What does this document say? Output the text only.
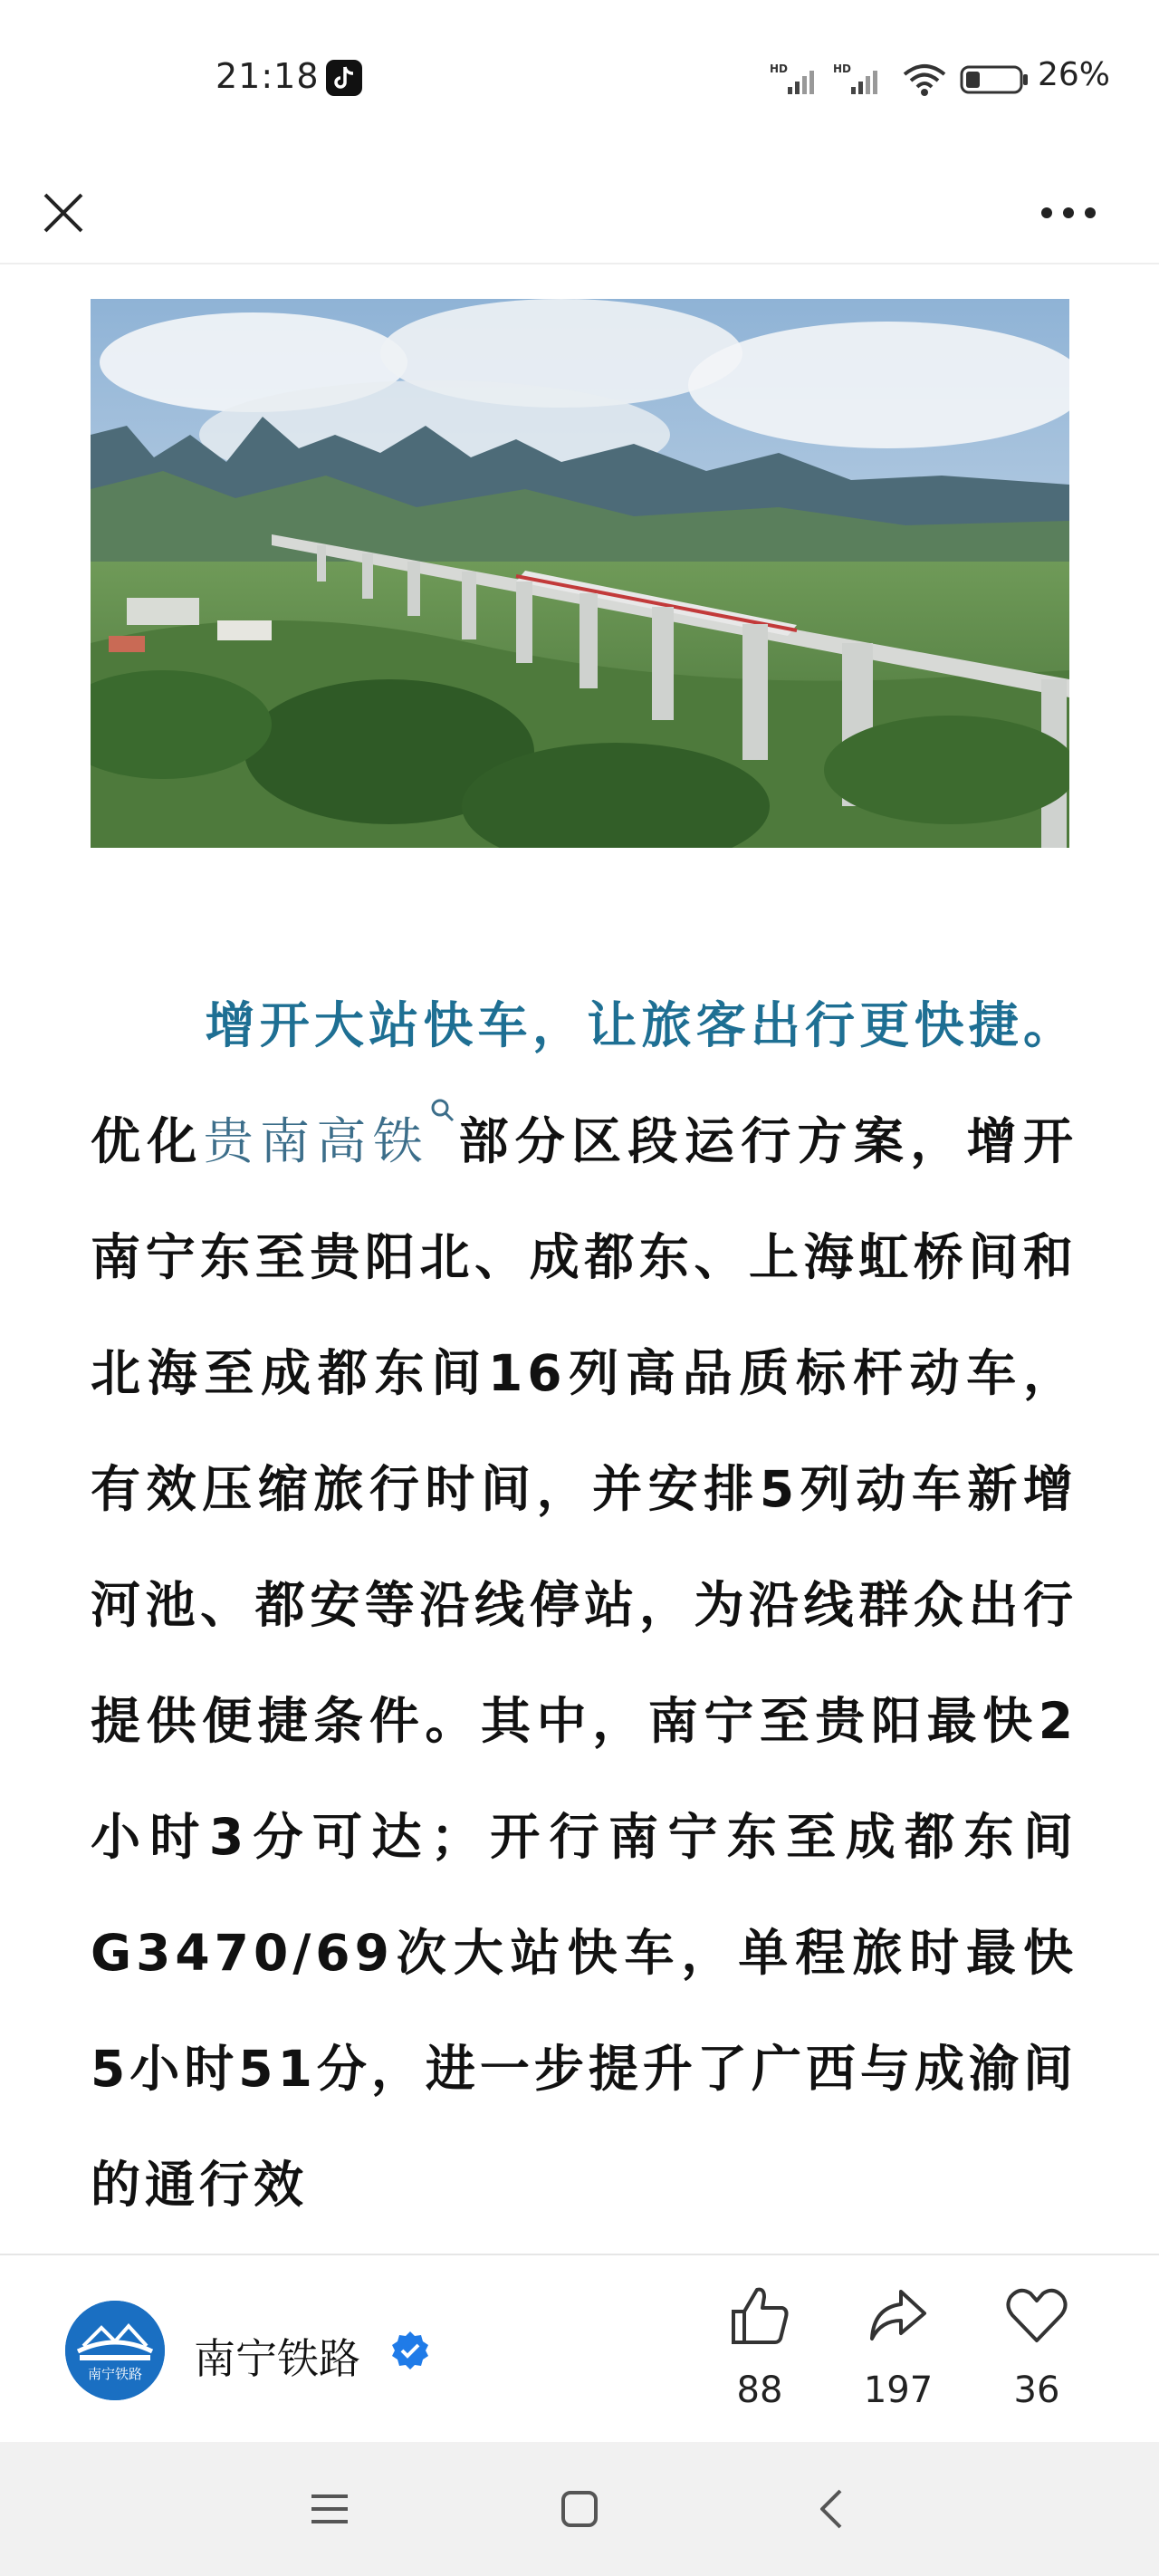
21:18	HD	HD	26%

增开大站快车，让旅客出行更快捷。优化贵南高铁 部分区段运行方案，增开南宁东至贵阳北、成都东、上海虹桥间和北海至成都东间16列高品质标杆动车，有效压缩旅行时间，并安排5列动车新增河池、都安等沿线停站，为沿线群众出行提供便捷条件。其中，南宁至贵阳最快2小时3分可达；开行南宁东至成都东间G3470/69次大站快车，单程旅时最快5小时51分，进一步提升了广西与成渝间的通行效

南宁铁路 南宁铁路
88	197	36
